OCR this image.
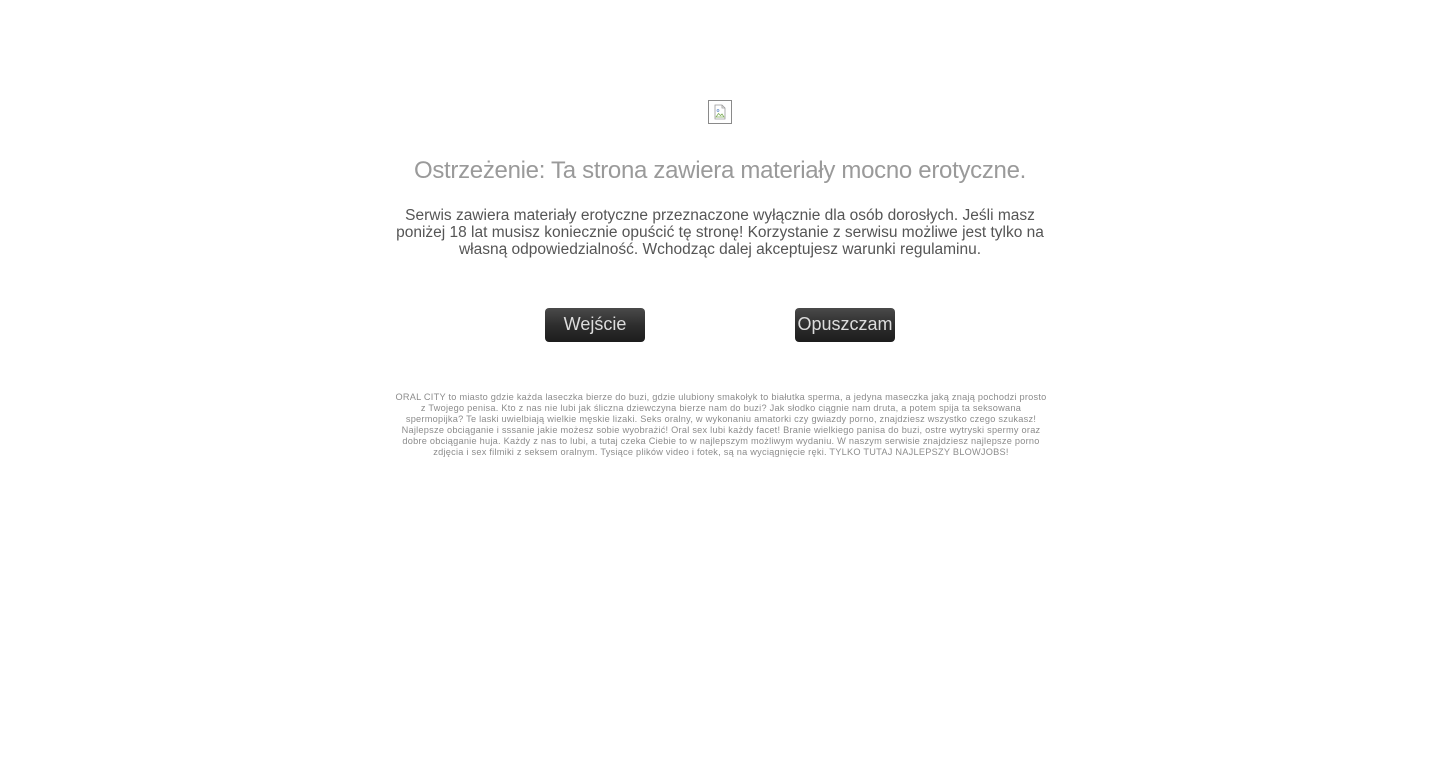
Ostrzeżenie: Ta strona zawiera materiały mocno erotyczne.
Serwis zawiera materiały erotyczne przeznaczone wyłącznie dla osób dorosłych. Jeśli masz poniżej 18 lat musisz koniecznie opuścić tę stronę! Korzystanie z serwisu możliwe jest tylko na własną odpowiedzialność. Wchodząc dalej akceptujesz warunki regulaminu.
Wejście	Opuszczam
ORAL CITY to miasto gdzie każda laseczka bierze do buzi, gdzie ulubiony smakołyk to białutka sperma, a jedyna maseczka jaką znają pochodzi prosto z Twojego penisa. Kto z nas nie lubi jak śliczna dziewczyna bierze nam do buzi? Jak słodko ciągnie nam druta, a potem spija ta seksowana spermopijka? Te laski uwielbiają wielkie męskie lizaki. Seks oralny, w wykonaniu amatorki czy gwiazdy porno, znajdziesz wszystko czego szukasz! Najlepsze obciąganie i sssanie jakie możesz sobie wyobrażić! Oral sex lubi każdy facet! Branie wielkiego panisa do buzi, ostre wytryski spermy oraz dobre obciąganie huja. Każdy z nas to lubi, a tutaj czeka Ciebie to w najlepszym możliwym wydaniu. W naszym serwisie znajdziesz najlepsze porno zdjęcia i sex filmiki z seksem oralnym. Tysiące plików video i fotek, są na wyciągnięcie ręki. TYLKO TUTAJ NAJLEPSZY BLOWJOBS!
